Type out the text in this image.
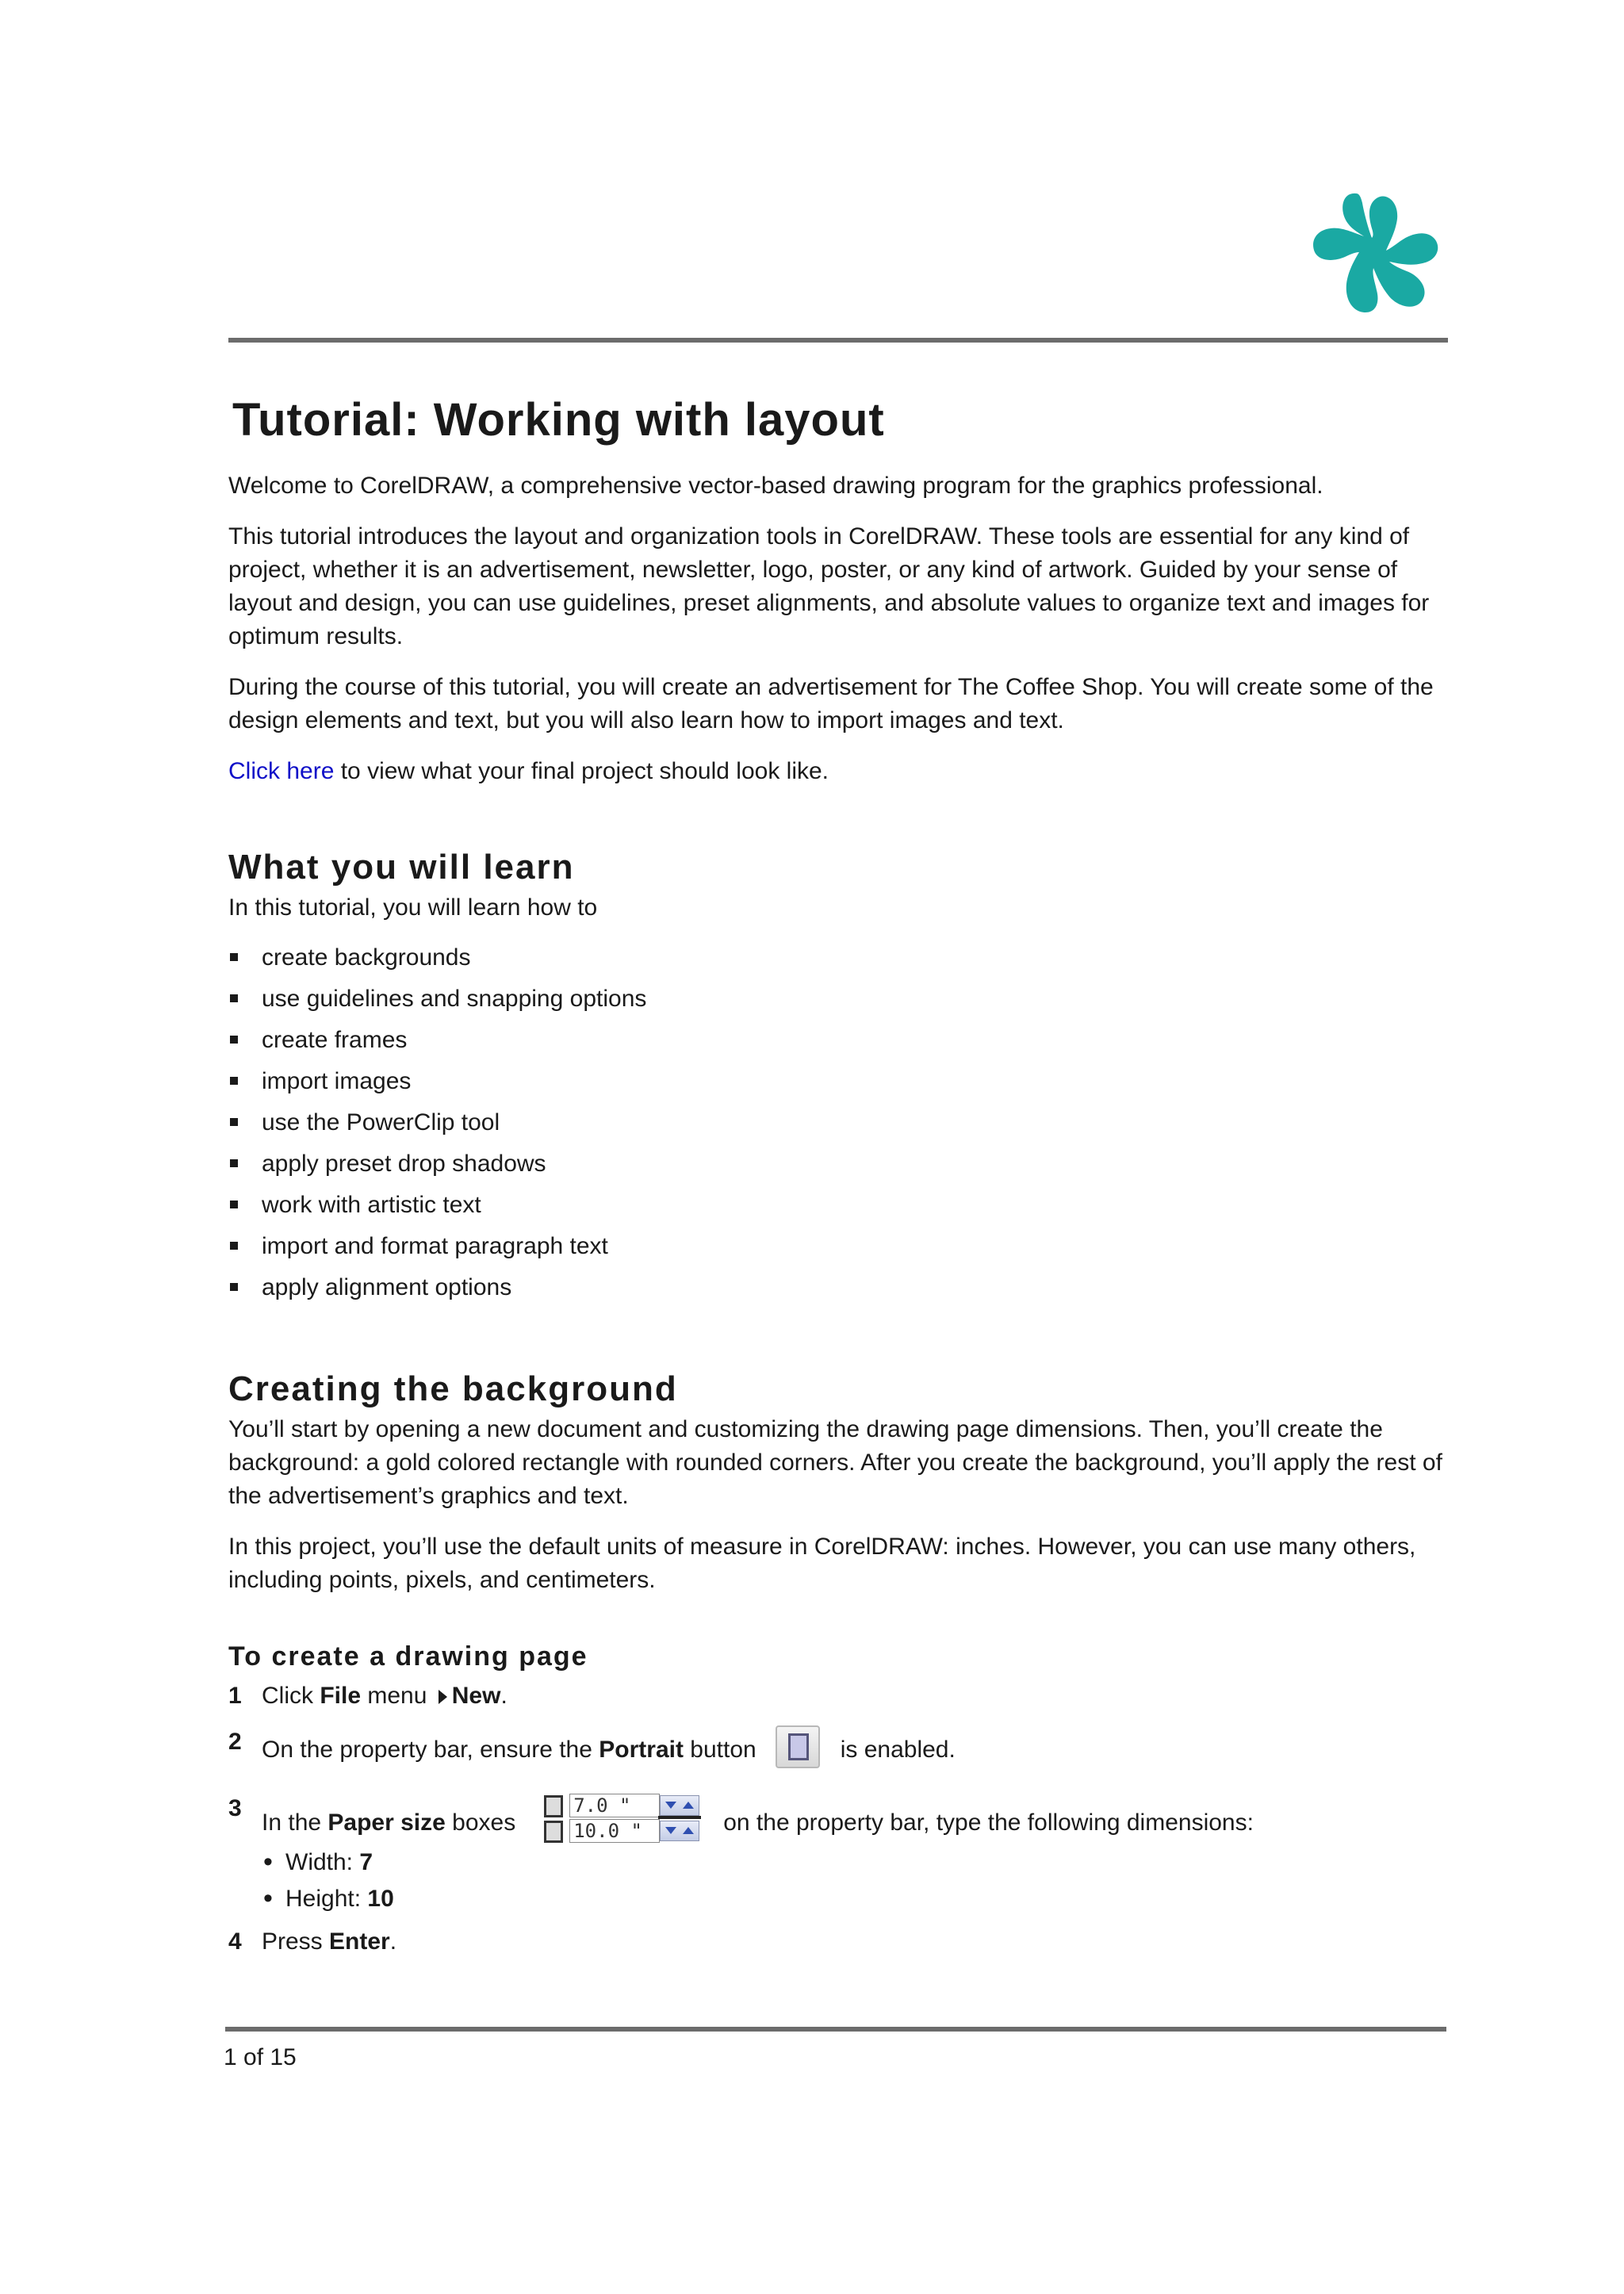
Tutorial: Working with layout

Welcome to CorelDRAW, a comprehensive vector-based drawing program for the graphics professional.

This tutorial introduces the layout and organization tools in CorelDRAW. These tools are essential for any kind of project, whether it is an advertisement, newsletter, logo, poster, or any kind of artwork. Guided by your sense of layout and design, you can use guidelines, preset alignments, and absolute values to organize text and images for optimum results.

During the course of this tutorial, you will create an advertisement for The Coffee Shop. You will create some of the design elements and text, but you will also learn how to import images and text.

Click here to view what your final project should look like.

What you will learn

In this tutorial, you will learn how to

create backgrounds
use guidelines and snapping options
create frames
import images
use the PowerClip tool
apply preset drop shadows
work with artistic text
import and format paragraph text
apply alignment options
Creating the background

You’ll start by opening a new document and customizing the drawing page dimensions. Then, you’ll create the background: a gold colored rectangle with rounded corners. After you create the background, you’ll apply the rest of the advertisement’s graphics and text.

In this project, you’ll use the default units of measure in CorelDRAW: inches. However, you can use many others, including points, pixels, and centimeters.

To create a drawing page
1 Click File menu New.
2 On the property bar, ensure the Portrait button	is enabled.
3
In the Paper size boxes $\frac{7.0 "}{10.0 "}$ on the property bar, type the following dimensions:
• Width: 7
• Height: 10
4 Press Enter.
1 of 15
